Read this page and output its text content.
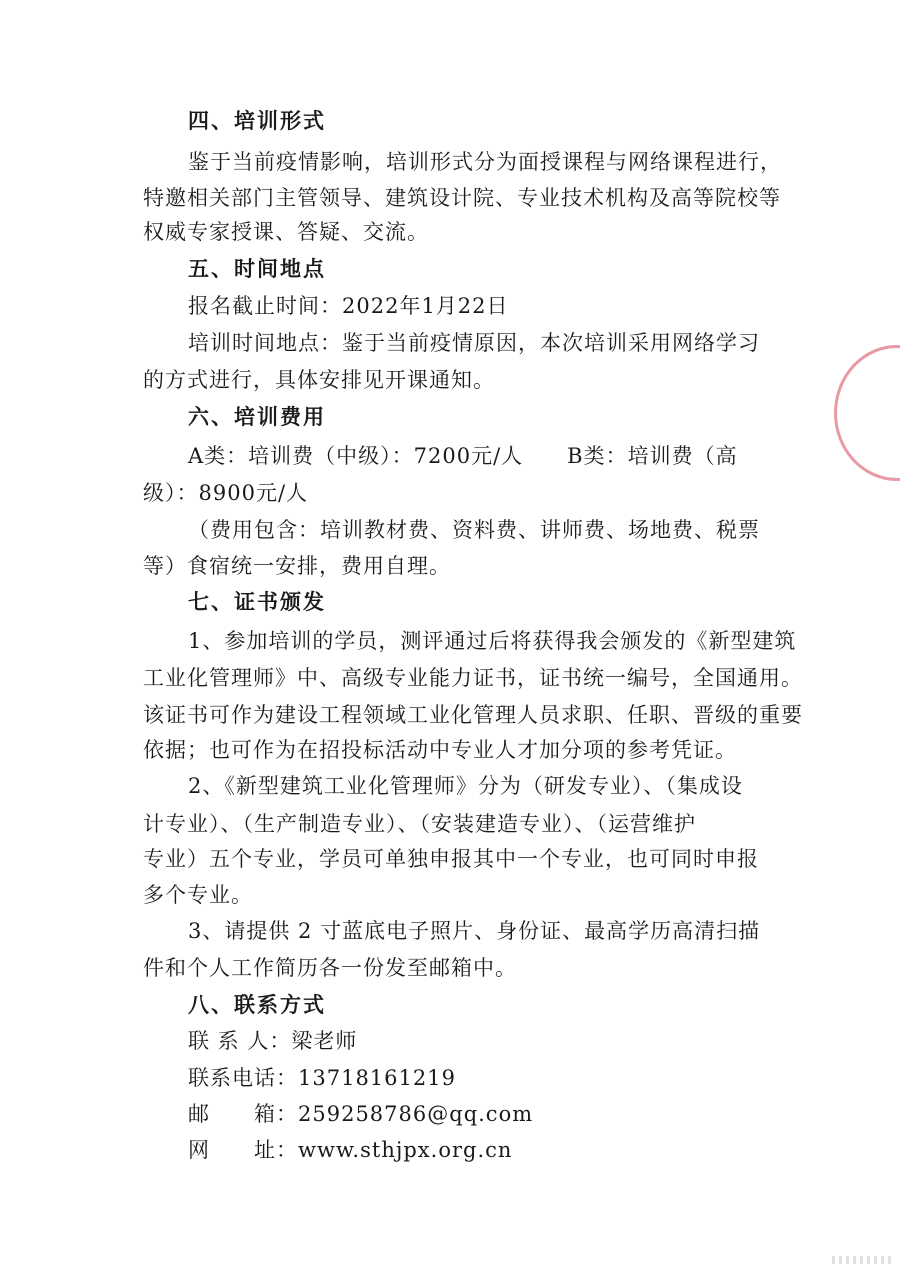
四、培训形式
鉴于当前疫情影响，培训形式分为面授课程与网络课程进行，
特邀相关部门主管领导、建筑设计院、专业技术机构及高等院校等
权威专家授课、答疑、交流。
五、时间地点
报名截止时间：2022年1月22日
培训时间地点：鉴于当前疫情原因，本次培训采用网络学习
的方式进行，具体安排见开课通知。
六、培训费用
A类：培训费（中级）：7200元/人　　B类：培训费（高
级）：8900元/人
（费用包含：培训教材费、资料费、讲师费、场地费、税票
等）食宿统一安排，费用自理。
七、证书颁发
1、参加培训的学员，测评通过后将获得我会颁发的《新型建筑
工业化管理师》中、高级专业能力证书，证书统一编号，全国通用。
该证书可作为建设工程领域工业化管理人员求职、任职、晋级的重要
依据；也可作为在招投标活动中专业人才加分项的参考凭证。
2、《新型建筑工业化管理师》分为（研发专业）、（集成设
计专业）、（生产制造专业）、（安装建造专业）、（运营维护
专业）五个专业，学员可单独申报其中一个专业，也可同时申报
多个专业。
3、请提供 2 寸蓝底电子照片、身份证、最高学历高清扫描
件和个人工作简历各一份发至邮箱中。
八、联系方式
联 系 人：梁老师
联系电话：13718161219
邮　　箱：259258786@qq.com
网　　址：www.sthjpx.org.cn
